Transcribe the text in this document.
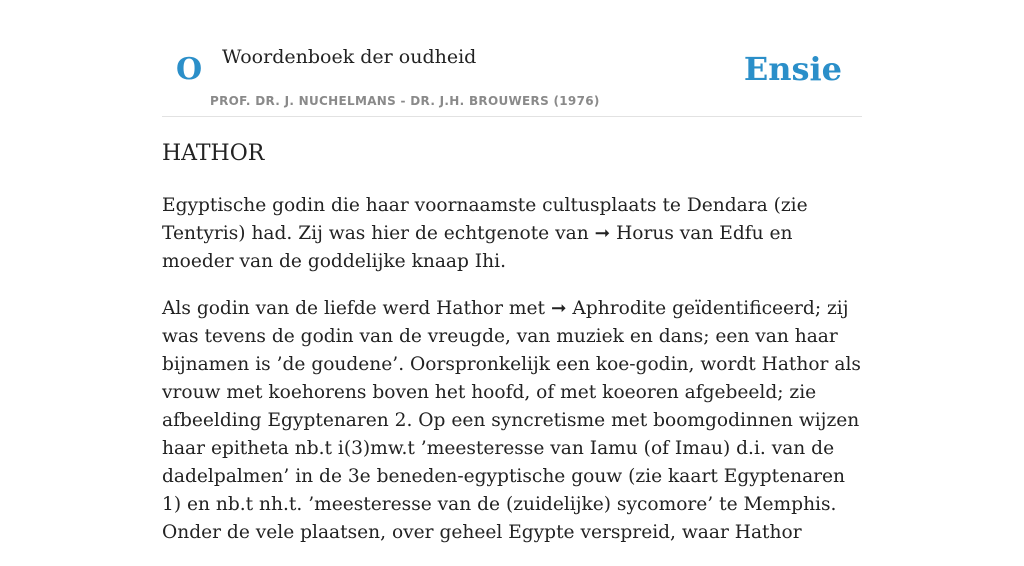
O Woordenboek der oudheid
PROF. DR. J. NUCHELMANS - DR. J.H. BROUWERS (1976)
Ensie
HATHOR

Egyptische godin die haar voornaamste cultusplaats te Dendara (zie Tentyris) had. Zij was hier de echtgenote van ➞ Horus van Edfu en moeder van de goddelijke knaap Ihi.

Als godin van de liefde werd Hathor met ➞ Aphrodite geïdentificeerd; zij was tevens de godin van de vreugde, van muziek en dans; een van haar bijnamen is ’de goudene’. Oorspronkelijk een koe-godin, wordt Hathor als vrouw met koehorens boven het hoofd, of met koeoren afgebeeld; zie afbeelding Egyptenaren 2. Op een syncretisme met boomgodinnen wijzen haar epitheta nb.t i(3)mw.t ’meesteresse van Iamu (of Imau) d.i. van de dadelpalmen’ in de 3e beneden-egyptische gouw (zie kaart Egyptenaren 1) en nb.t nh.t. ’meesteresse van de (zuidelijke) sycomore’ te Memphis. Onder de vele plaatsen, over geheel Egypte verspreid, waar Hathor
